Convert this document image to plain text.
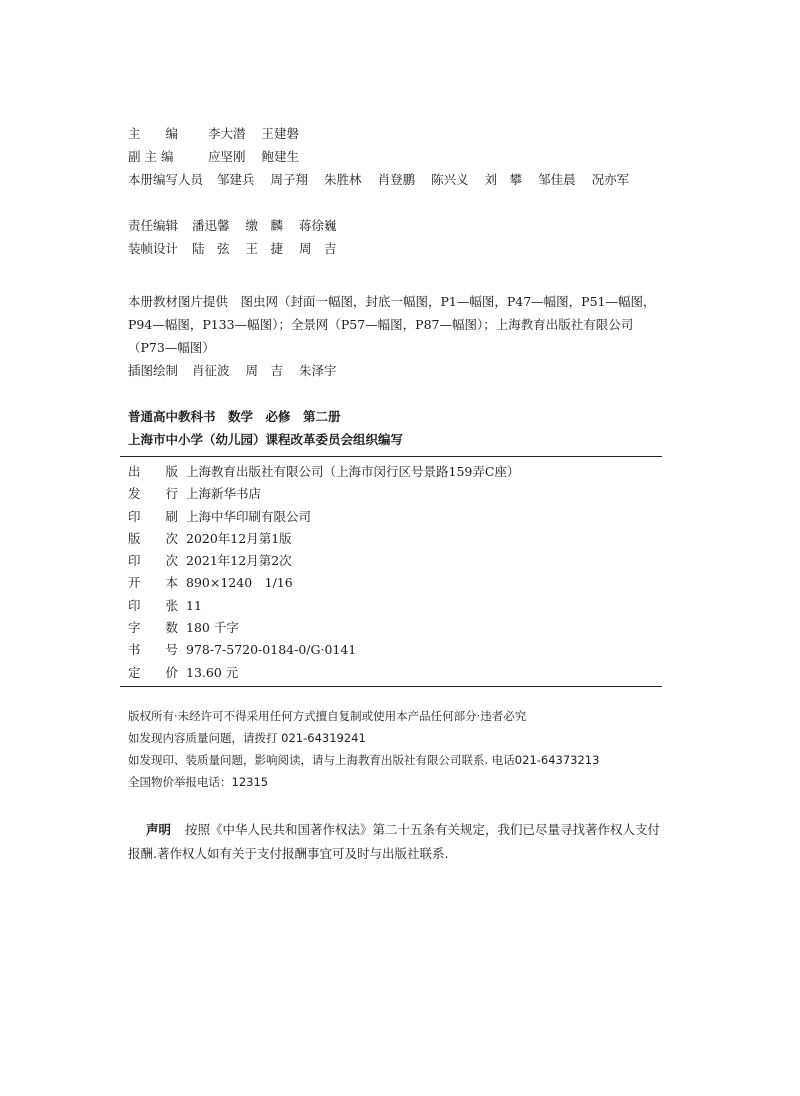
主　　编 李大潜 王建磐
副 主 编	应坚刚 鲍建生
本册编写人员 邹建兵 周子翔 朱胜林 肖登鹏 陈兴义 刘　攀 邹佳晨 况亦军
责任编辑 潘迅馨 缴　麟 蒋徐巍
装帧设计 陆　弦 王　捷 周　吉
本册教材图片提供　图虫网（封面一幅图，封底一幅图，P1—幅图，P47—幅图，P51—幅图，
P94—幅图，P133—幅图）；全景网（P57—幅图，P87—幅图）；上海教育出版社有限公司
（P73—幅图）
插图绘制 肖征波 周　吉 朱泽宇
普通高中教科书　数学　必修　第二册
上海市中小学（幼儿园）课程改革委员会组织编写
出　　版 上海教育出版社有限公司（上海市闵行区号景路159弄C座）
发　　行 上海新华书店
印　　刷 上海中华印刷有限公司
版　　次 2020年12月第1版
印　　次 2021年12月第2次
开　　本 890×1240　1/16
印　　张 11
字　　数 180 千字
书　　号 978-7-5720-0184-0/G·0141
定　　价 13.60 元
版权所有·未经许可不得采用任何方式擅自复制或使用本产品任何部分·违者必究
如发现内容质量问题，请拨打 021-64319241
如发现印、装质量问题，影响阅读，请与上海教育出版社有限公司联系. 电话021-64373213
全国物价举报电话：12315
声明 按照《中华人民共和国著作权法》第二十五条有关规定，我们已尽量寻找著作权人支付报酬.著作权人如有关于支付报酬事宜可及时与出版社联系.
